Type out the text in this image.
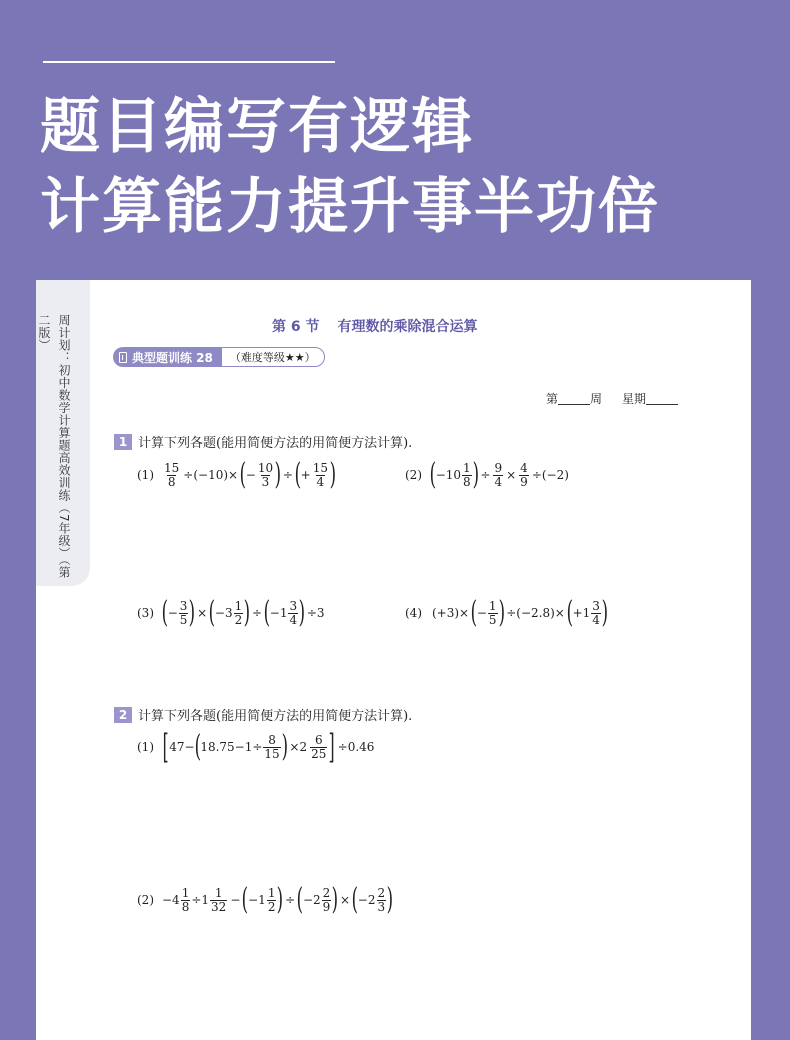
题目编写有逻辑
计算能力提升事半功倍
周计划：初中数学计算题高效训练（7年级）（第二版）	第 6 节 有理数的乘除混合运算
典型题训练 28	（难度等级★★）
第	周 星期
1 计算下列各题(能用简便方法的用简便方法计算).
$(1) \frac{15}{8} \div(-10)\times$ ( − $\frac{10}{3}$ ) ÷ ( + $\frac{15}{4}$ )	(2) ( $-10 \frac{1}{8}$ ) ÷ $\frac{9}{4} \times \frac{4}{9} \div(-2)$
(3) ( − $\frac{3}{5}$ ) × ( $-3 \frac{1}{2}$ ) ÷ ( $-1 \frac{3}{4}$ ) ÷3	(4) (+3)× ( − $\frac{1}{5}$ ) ÷(−2.8)× ( $+1 \frac{3}{4}$ )
2 计算下列各题(能用简便方法的用简便方法计算).
(1) [ 47− ( $18.75-1\div \frac{8}{15}$ ) $\times 2 \frac{6}{25}$ ] ÷0.46
$(2) -4 \frac{1}{8} \div 1 \frac{1}{32}$ − ( $-1 \frac{1}{2}$ ) ÷ ( $-2 \frac{2}{9}$ ) × ( $-2 \frac{2}{3}$ )
